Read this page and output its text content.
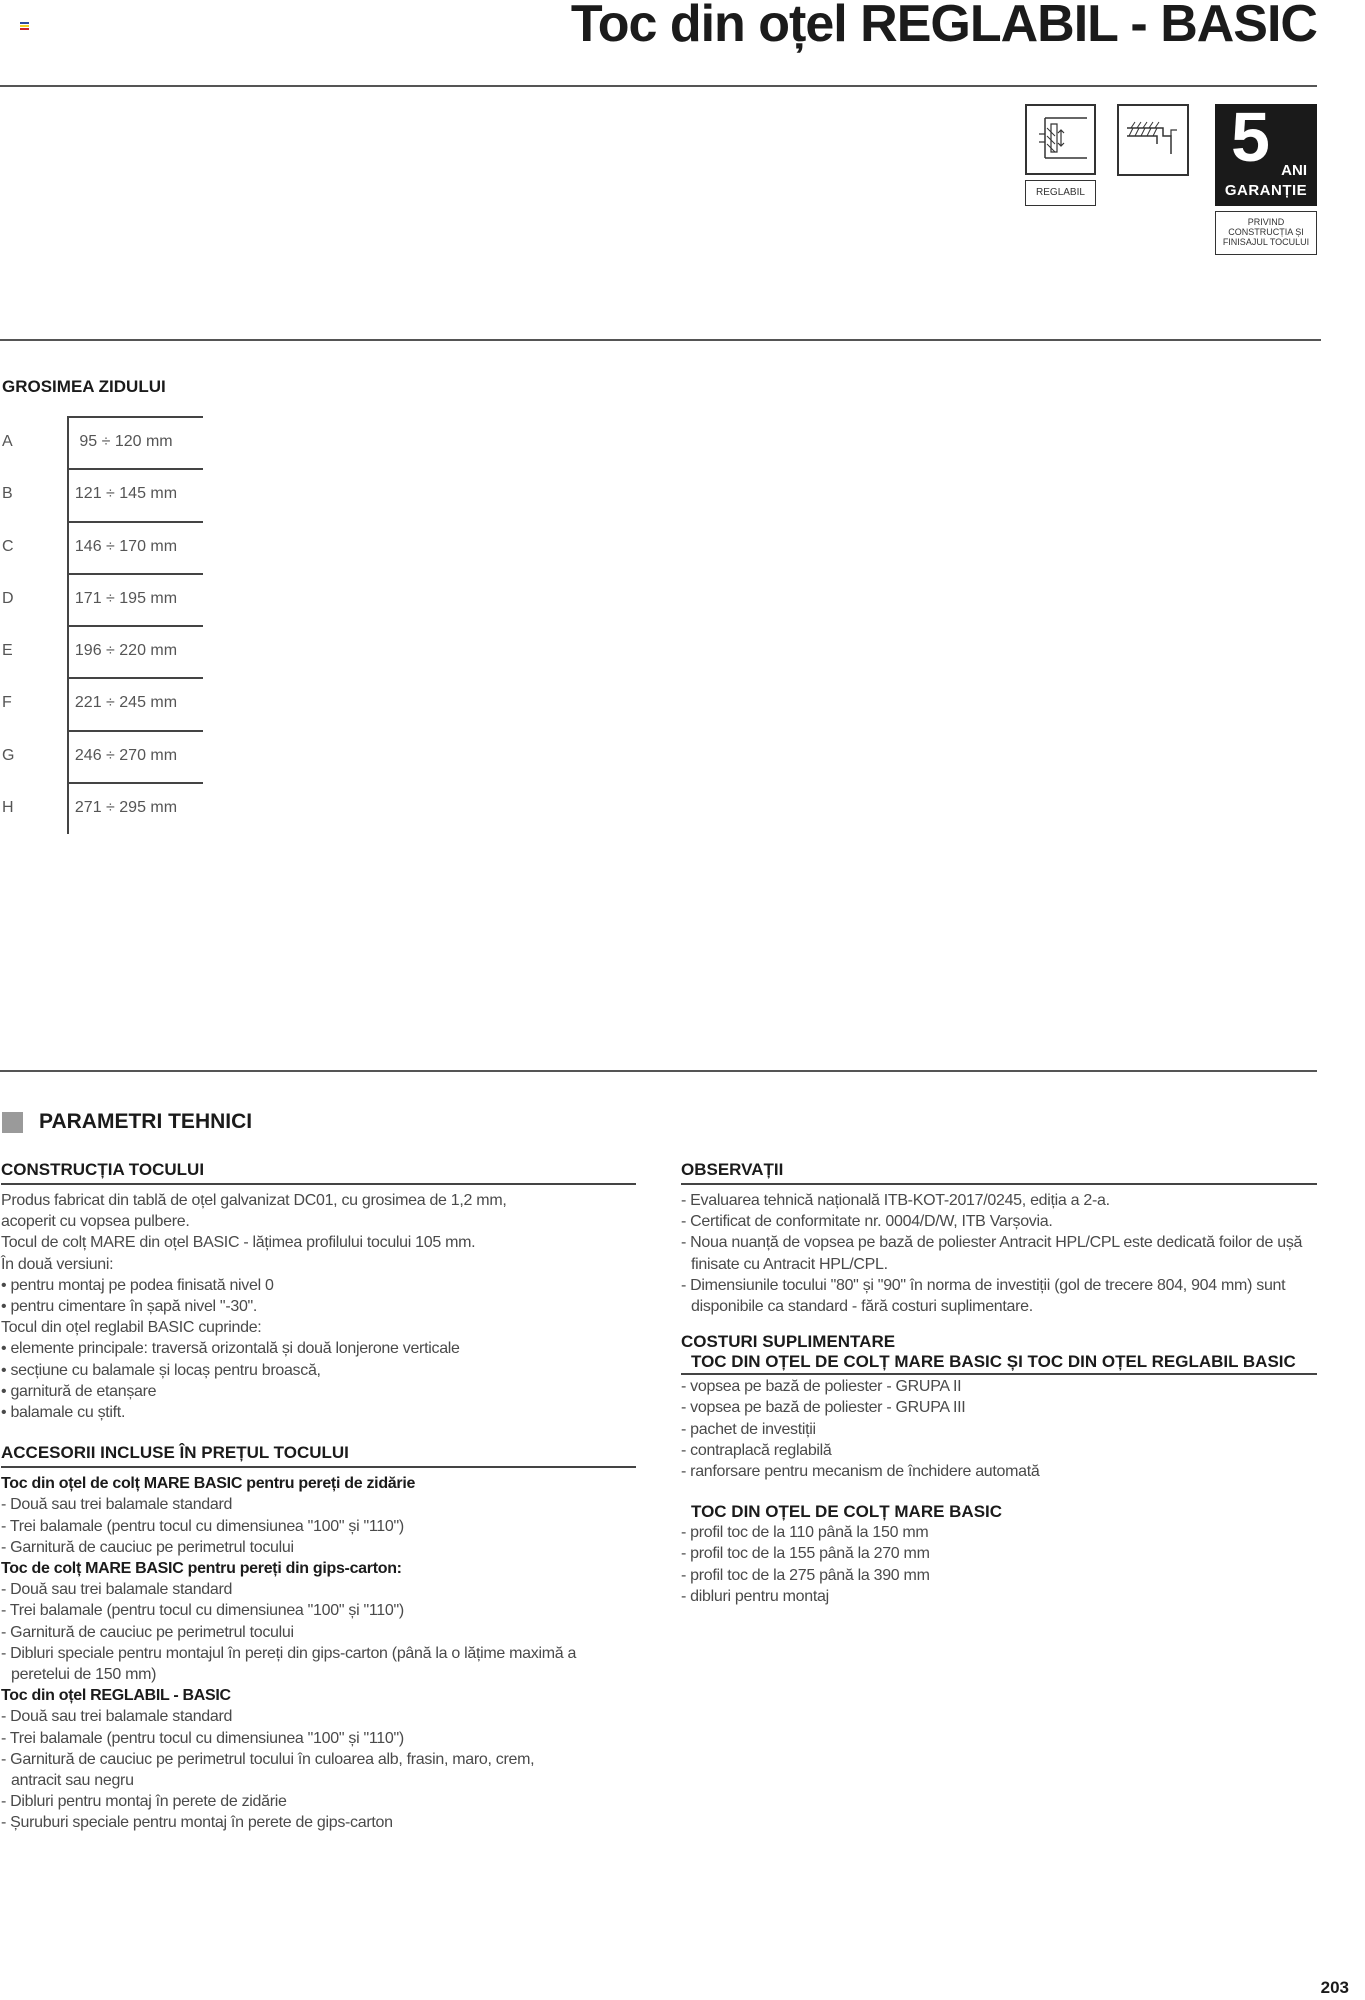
Toc din oțel REGLABIL - BASIC
REGLABIL
5 ANI
GARANȚIE
PRIVIND CONSTRUCȚIA ȘI FINISAJUL TOCULUI
GROSIMEA ZIDULUI
A	95 ÷ 120 mm
B	121 ÷ 145 mm
C	146 ÷ 170 mm
D	171 ÷ 195 mm
E	196 ÷ 220 mm
F	221 ÷ 245 mm
G	246 ÷ 270 mm
H	271 ÷ 295 mm
PARAMETRI TEHNICI
CONSTRUCȚIA TOCULUI
Produs fabricat din tablă de oțel galvanizat DC01, cu grosimea de 1,2 mm,
acoperit cu vopsea pulbere.
Tocul de colț MARE din oțel BASIC - lățimea profilului tocului 105 mm.
În două versiuni:
• pentru montaj pe podea finisată nivel 0
• pentru cimentare în șapă nivel "-30".
Tocul din oțel reglabil BASIC cuprinde:
• elemente principale: traversă orizontală și două lonjerone verticale
• secțiune cu balamale și locaș pentru broască,
• garnitură de etanșare
• balamale cu știft.
ACCESORII INCLUSE ÎN PREȚUL TOCULUI
Toc din oțel de colț MARE BASIC pentru pereți de zidărie
- Două sau trei balamale standard
- Trei balamale (pentru tocul cu dimensiunea "100" și "110")
- Garnitură de cauciuc pe perimetrul tocului
Toc de colț MARE BASIC pentru pereți din gips-carton:
- Două sau trei balamale standard
- Trei balamale (pentru tocul cu dimensiunea "100" și "110")
- Garnitură de cauciuc pe perimetrul tocului
- Dibluri speciale pentru montajul în pereți din gips-carton (până la o lățime maximă a
peretelui de 150 mm)
Toc din oțel REGLABIL - BASIC
- Două sau trei balamale standard
- Trei balamale (pentru tocul cu dimensiunea "100" și "110")
- Garnitură de cauciuc pe perimetrul tocului în culoarea alb, frasin, maro, crem,
antracit sau negru
- Dibluri pentru montaj în perete de zidărie
- Șuruburi speciale pentru montaj în perete de gips-carton
OBSERVAȚII
- Evaluarea tehnică națională ITB-KOT-2017/0245, ediția a 2-a.
- Certificat de conformitate nr. 0004/D/W, ITB Varșovia.
- Noua nuanță de vopsea pe bază de poliester Antracit HPL/CPL este dedicată foilor de ușă
finisate cu Antracit HPL/CPL.
- Dimensiunile tocului "80" și "90" în norma de investiții (gol de trecere 804, 904 mm) sunt
disponibile ca standard - fără costuri suplimentare.
COSTURI SUPLIMENTARE
TOC DIN OȚEL DE COLȚ MARE BASIC ȘI TOC DIN OȚEL REGLABIL BASIC
- vopsea pe bază de poliester - GRUPA II
- vopsea pe bază de poliester - GRUPA III
- pachet de investiții
- contraplacă reglabilă
- ranforsare pentru mecanism de închidere automată
TOC DIN OȚEL DE COLȚ MARE BASIC
- profil toc de la 110 până la 150 mm
- profil toc de la 155 până la 270 mm
- profil toc de la 275 până la 390 mm
- dibluri pentru montaj
203
